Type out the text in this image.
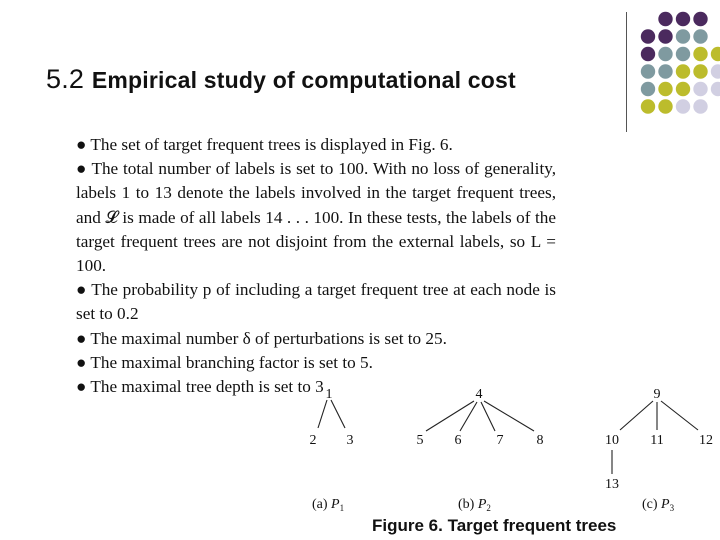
5.2 Empirical study of computational cost

● The set of target frequent trees is displayed in Fig. 6.

● The total number of labels is set to 100. With no loss of generality, labels 1 to 13 denote the labels involved in the target frequent trees, and 𝓛 is made of all labels 14 . . . 100. In these tests, the labels of the target frequent trees are not disjoint from the external labels, so L = 100.

● The probability p of including a target frequent tree at each node is set to 0.2

● The maximal number δ of perturbations is set to 25.

● The maximal branching factor is set to 5.

● The maximal tree depth is set to 3 1
2 3
(a) $P_1$
4
5 6	7 8
(b) $P_2$
9
10 11	12
13
(c) $P_3$
Figure 6. Target frequent trees
